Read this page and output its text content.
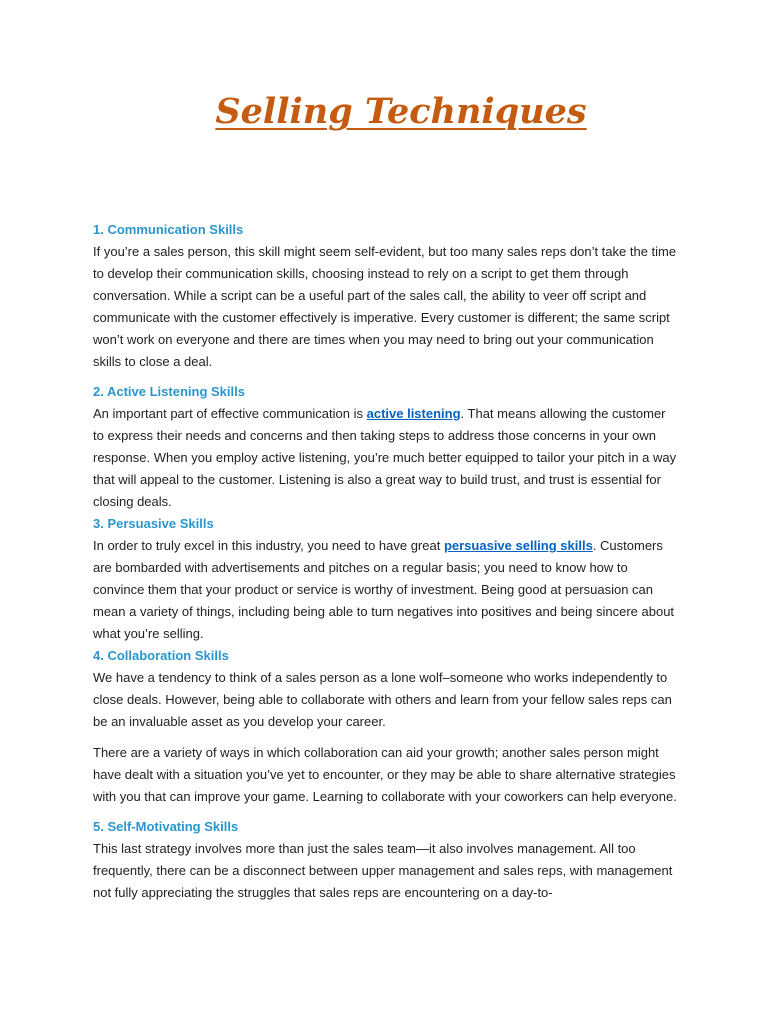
Selling Techniques
1. Communication Skills

If you’re a sales person, this skill might seem self-evident, but too many sales reps don’t take the time to develop their communication skills, choosing instead to rely on a script to get them through conversation. While a script can be a useful part of the sales call, the ability to veer off script and communicate with the customer effectively is imperative. Every customer is different; the same script won’t work on everyone and there are times when you may need to bring out your communication skills to close a deal.

2. Active Listening Skills

An important part of effective communication is active listening. That means allowing the customer to express their needs and concerns and then taking steps to address those concerns in your own response. When you employ active listening, you’re much better equipped to tailor your pitch in a way that will appeal to the customer. Listening is also a great way to build trust, and trust is essential for closing deals.

3. Persuasive Skills

In order to truly excel in this industry, you need to have great persuasive selling skills. Customers are bombarded with advertisements and pitches on a regular basis; you need to know how to convince them that your product or service is worthy of investment. Being good at persuasion can mean a variety of things, including being able to turn negatives into positives and being sincere about what you’re selling.

4. Collaboration Skills

We have a tendency to think of a sales person as a lone wolf–someone who works independently to close deals. However, being able to collaborate with others and learn from your fellow sales reps can be an invaluable asset as you develop your career.

There are a variety of ways in which collaboration can aid your growth; another sales person might have dealt with a situation you’ve yet to encounter, or they may be able to share alternative strategies with you that can improve your game. Learning to collaborate with your coworkers can help everyone.

5. Self-Motivating Skills

This last strategy involves more than just the sales team—it also involves management. All too frequently, there can be a disconnect between upper management and sales reps, with management not fully appreciating the struggles that sales reps are encountering on a day-to-
